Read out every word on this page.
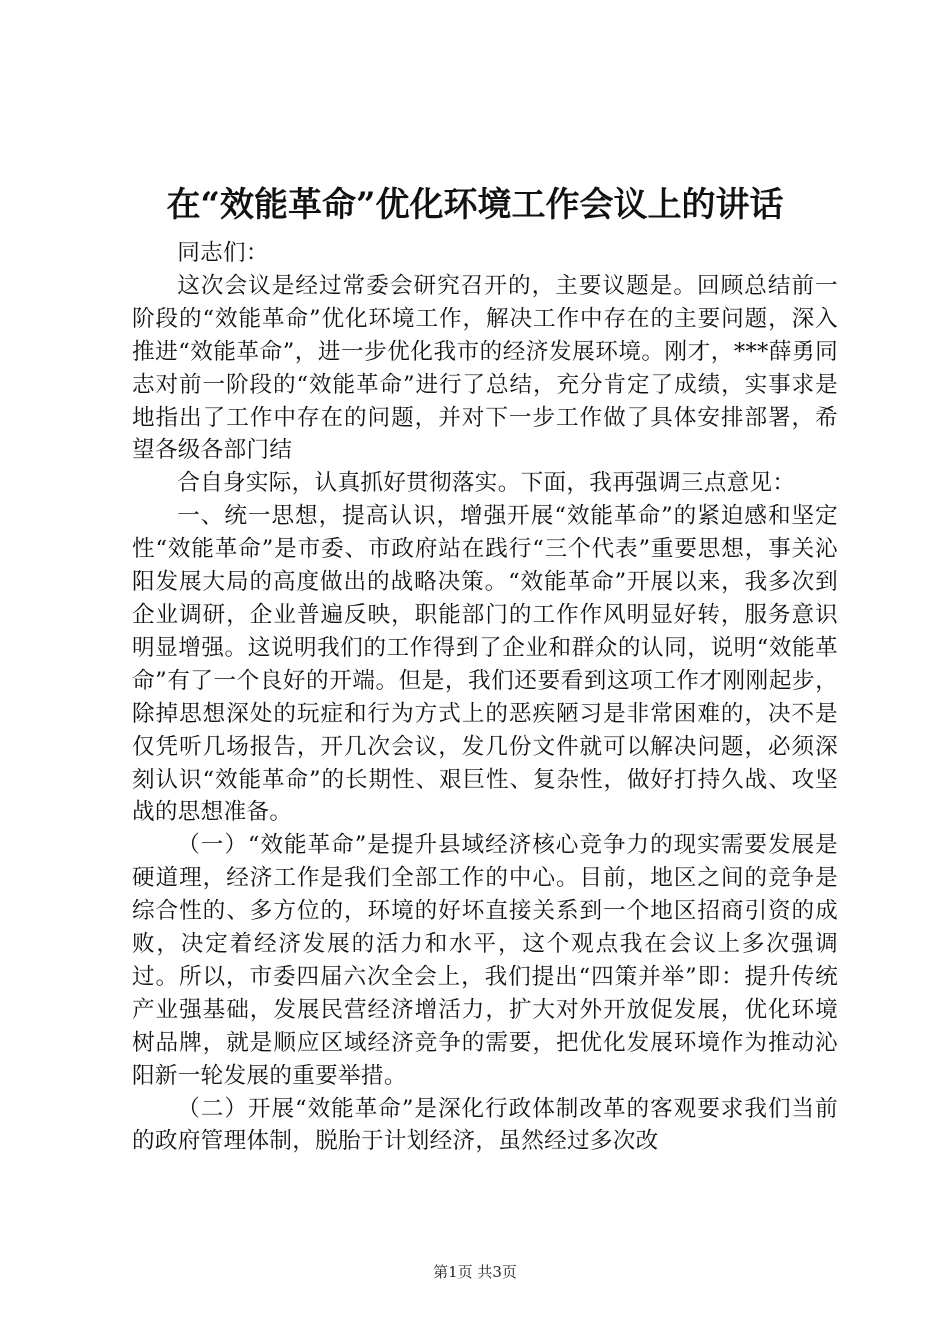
在“效能革命”优化环境工作会议上的讲话

同志们：

这次会议是经过常委会研究召开的，主要议题是。回顾总结前一阶段的“效能革命”优化环境工作，解决工作中存在的主要问题，深入推进“效能革命”，进一步优化我市的经济发展环境。刚才，***薛勇同志对前一阶段的“效能革命”进行了总结，充分肯定了成绩，实事求是地指出了工作中存在的问题，并对下一步工作做了具体安排部署，希望各级各部门结

合自身实际，认真抓好贯彻落实。下面，我再强调三点意见：

一、统一思想，提高认识，增强开展“效能革命”的紧迫感和坚定性“效能革命”是市委、市政府站在践行“三个代表”重要思想，事关沁阳发展大局的高度做出的战略决策。“效能革命”开展以来，我多次到企业调研，企业普遍反映，职能部门的工作作风明显好转，服务意识明显增强。这说明我们的工作得到了企业和群众的认同，说明“效能革命”有了一个良好的开端。但是，我们还要看到这项工作才刚刚起步，除掉思想深处的玩症和行为方式上的恶疾陋习是非常困难的，决不是仅凭听几场报告，开几次会议，发几份文件就可以解决问题，必须深刻认识“效能革命”的长期性、艰巨性、复杂性，做好打持久战、攻坚战的思想准备。

（一）“效能革命”是提升县域经济核心竞争力的现实需要发展是硬道理，经济工作是我们全部工作的中心。目前，地区之间的竞争是综合性的、多方位的，环境的好坏直接关系到一个地区招商引资的成败，决定着经济发展的活力和水平，这个观点我在会议上多次强调过。所以，市委四届六次全会上，我们提出“四策并举”即：提升传统产业强基础，发展民营经济增活力，扩大对外开放促发展，优化环境树品牌，就是顺应区域经济竞争的需要，把优化发展环境作为推动沁阳新一轮发展的重要举措。

（二）开展“效能革命”是深化行政体制改革的客观要求我们当前的政府管理体制，脱胎于计划经济，虽然经过多次改

第1页 共3页
